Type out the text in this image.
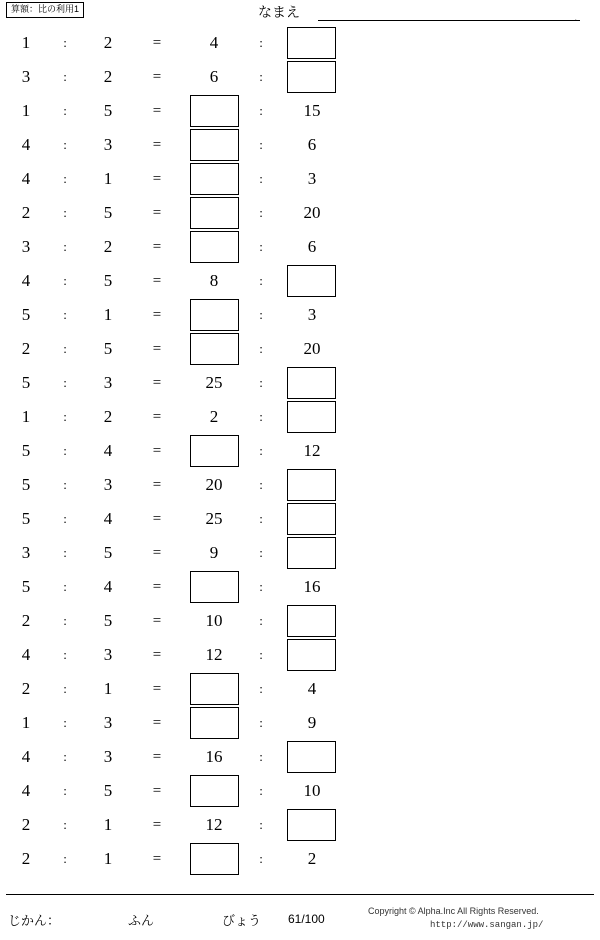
算額：比の利用1	なまえ	.
1	:	2	=	4	:
3	:	2	=	6	:
1	:	5	=	:	15
4	:	3	=	:	6
4	:	1	=	:	3
2	:	5	=	:	20
3	:	2	=	:	6
4	:	5	=	8	:
5	:	1	=	:	3
2	:	5	=	:	20
5	:	3	=	25	:
1	:	2	=	2	:
5	:	4	=	:	12
5	:	3	=	20	:
5	:	4	=	25	:
3	:	5	=	9	:
5	:	4	=	:	16
2	:	5	=	10	:
4	:	3	=	12	:
2	:	1	=	:	4
1	:	3	=	:	9
4	:	3	=	16	:
4	:	5	=	:	10
2	:	1	=	12	:
2	:	1	=	:	2
じかん：	ふん	びょう 61/100
Copyright © Alpha.Inc All Rights Reserved.
http://www.sangan.jp/
